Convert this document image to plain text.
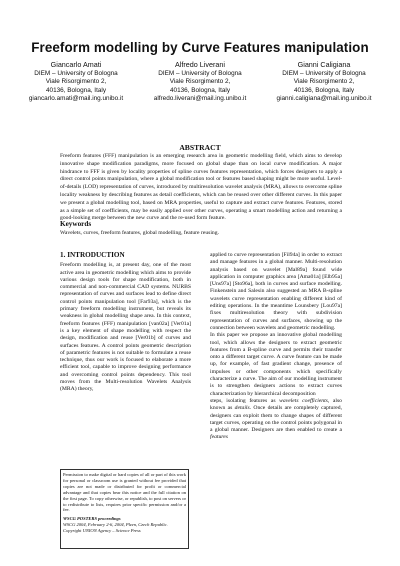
Freeform modelling by Curve Features manipulation
Giancarlo Amati
DIEM – University of Bologna
Viale Risorgimento 2,
40136, Bologna, Italy
giancarlo.amati@mail.ing.unibo.it
Alfredo Liverani
DIEM – University of Bologna
Viale Risorgimento 2,
40136, Bologna, Italy
alfredo.liverani@mail.ing.unibo.it
Gianni Caligiana
DIEM – University of Bologna
Viale Risorgimento 2,
40136, Bologna, Italy
gianni.caligiana@mail.ing.unibo.it
ABSTRACT

Freeform features (FFF) manipulation is an emerging research area in geometric modelling field, which aims to develop innovative shape modification paradigms, more focused on global shape than on local curve modification. A major hindrance to FFF is given by locality properties of spline curves features representation, which forces designers to apply a direct control points manipulation, where a global modification tool or features based shaping might be more useful. Level-of-details (LOD) representation of curves, introduced by multiresolution wavelet analysis (MRA), allows to overcome spline locality weakness by describing features as detail coefficients, which can be reused over other different curves. In this paper we present a global modelling tool, based on MRA properties, useful to capture and extract curve features. Features, stored as a simple set of coefficients, may be easily applied over other curves, operating a smart modelling action and returning a good-looking merge between the new curve and the re-used form feature.

Keywords

Wavelets, curves, freeform features, global modelling, feature reusing.

1. INTRODUCTION

Freeform modelling is, at present day, one of the most active area in geometric modelling which aims to provide various design tools for shape modification, both in commercial and non-commercial CAD systems. NURBS representation of curves and surfaces lead to define direct control points manipulation tool [Far93a], which is the primary freeform modelling instrument, but reveals its weakness in global modelling shape area. In this context, freeform features (FFF) manipulation [van02a] [Ver01a] is a key element of shape modelling with respect the design, modification and reuse [Ver01b] of curves and surfaces features. A control points geometric description of parametric features is not suitable to formulate a reuse technique, thus our work is focused to elaborate a more efficient tool, capable to improve designing performance and overcoming control points dependency. This tool moves from the Multi-resolution Wavelets Analysis (MRA) theory,

applied to curve representation [Fil94a] in order to extract and manage features in a global manner. Multi-resolution analysis based on wavelet [Mal89a] found wide application in computer graphics area [Ama01a] [Elb95a] [Uns97a] [Sto96a], both in curves and surface modelling. Finkenstein and Salesin also suggested an MRA B-spline wavelets curve representation enabling different kind of editing operations. In the meantime Lounsbery [Lou97a] fixes multiresolution theory with subdivision representation of curves and surfaces, showing up the connection between wavelets and geometric modelling.

In this paper we propose an innovative global modelling tool, which allows the designers to extract geometric features from a B-spline curve and permits their transfer onto a different target curve. A curve feature can be made up, for example, of fast gradient change, presence of impulses or other components which specifically characterize a curve. The aim of our modelling instrument is to strengthen designers actions to extract curves characterization by hierarchical decomposition

steps, isolating features as wavelets coefficients, also known as details. Once details are completely captured, designers can exploit them to change shapes of different target curves, operating on the control points polygonal in a global manner. Designers are then enabled to create a features

Permission to make digital or hard copies of all or part of this work for personal or classroom use is granted without fee provided that copies are not made or distributed for profit or commercial advantage and that copies bear this notice and the full citation on the first page. To copy otherwise, or republish, to post on servers or to redistribute to lists, requires prior specific permission and/or a fee.

WSCG POSTERS proceedings

WSCG 2004, February 2-6, 2004, Plzen, Czech Republic.

Copyright UNION Agency – Science Press
